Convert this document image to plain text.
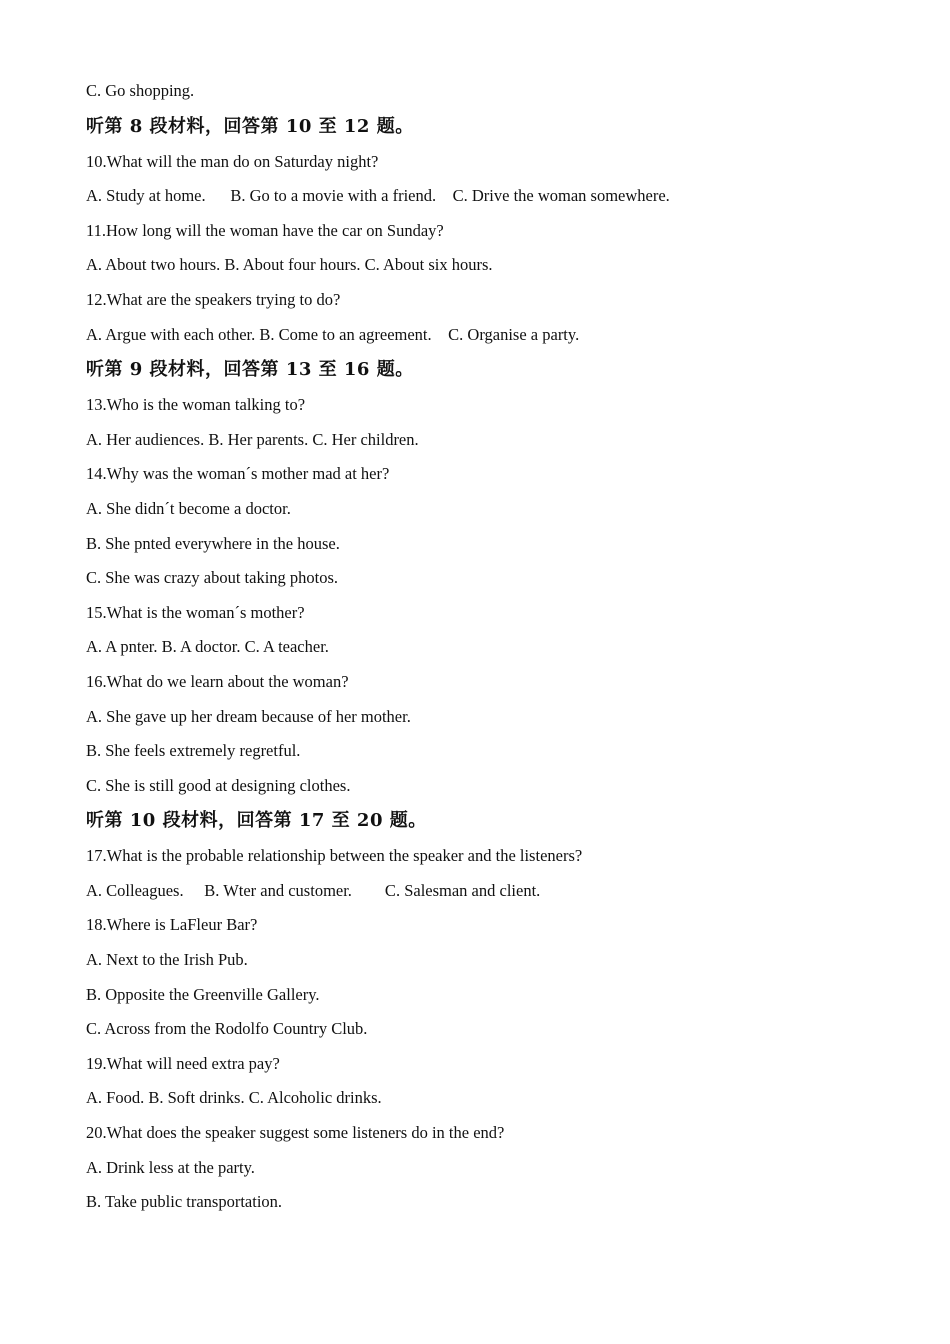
C. Go shopping.
听第 8 段材料，回答第 10 至 12 题。
10.What will the man do on Saturday night?
A. Study at home.      B. Go to a movie with a friend.    C. Drive the woman somewhere.
11.How long will the woman have the car on Sunday?
A. About two hours. B. About four hours. C. About six hours.
12.What are the speakers trying to do?
A. Argue with each other. B. Come to an agreement.    C. Organise a party.
听第 9 段材料，回答第 13 至 16 题。
13.Who is the woman talking to?
A. Her audiences. B. Her parents. C. Her children.
14.Why was the womanˊs mother mad at her?
A. She didnˊt become a doctor.
B. She pnted everywhere in the house.
C. She was crazy about taking photos.
15.What is the womanˊs mother?
A. A pnter. B. A doctor. C. A teacher.
16.What do we learn about the woman?
A. She gave up her dream because of her mother.
B. She feels extremely regretful.
C. She is still good at designing clothes.
听第 10 段材料，回答第 17 至 20 题。
17.What is the probable relationship between the speaker and the listeners?
A. Colleagues.     B. Wter and customer.        C. Salesman and client.
18.Where is LaFleur Bar?
A. Next to the Irish Pub.
B. Opposite the Greenville Gallery.
C. Across from the Rodolfo Country Club.
19.What will need extra pay?
A. Food. B. Soft drinks. C. Alcoholic drinks.
20.What does the speaker suggest some listeners do in the end?
A. Drink less at the party.
B. Take public transportation.
